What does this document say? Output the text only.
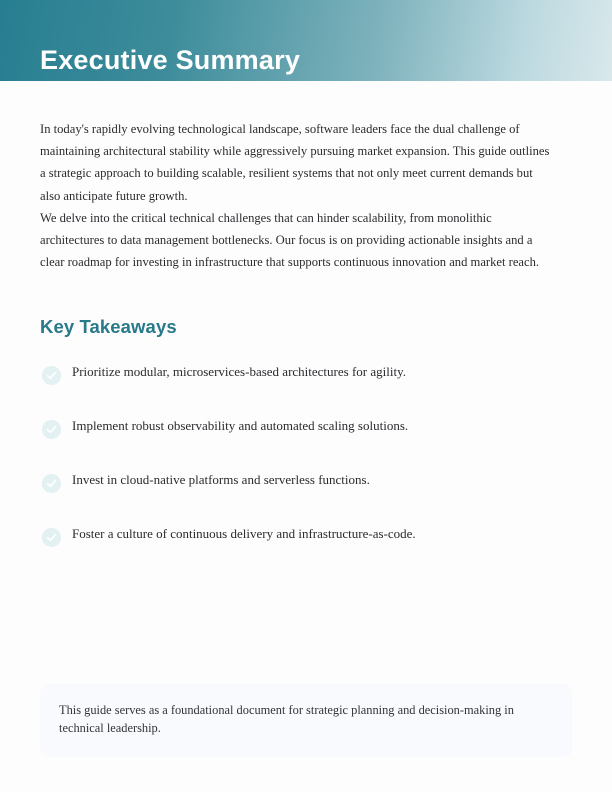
Executive Summary

In today's rapidly evolving technological landscape, software leaders face the dual challenge of maintaining architectural stability while aggressively pursuing market expansion. This guide outlines a strategic approach to building scalable, resilient systems that not only meet current demands but also anticipate future growth.

We delve into the critical technical challenges that can hinder scalability, from monolithic architectures to data management bottlenecks. Our focus is on providing actionable insights and a clear roadmap for investing in infrastructure that supports continuous innovation and market reach.

Key Takeaways
Prioritize modular, microservices-based architectures for agility.
Implement robust observability and automated scaling solutions.
Invest in cloud-native platforms and serverless functions.
Foster a culture of continuous delivery and infrastructure-as-code.

This guide serves as a foundational document for strategic planning and decision-making in technical leadership.
